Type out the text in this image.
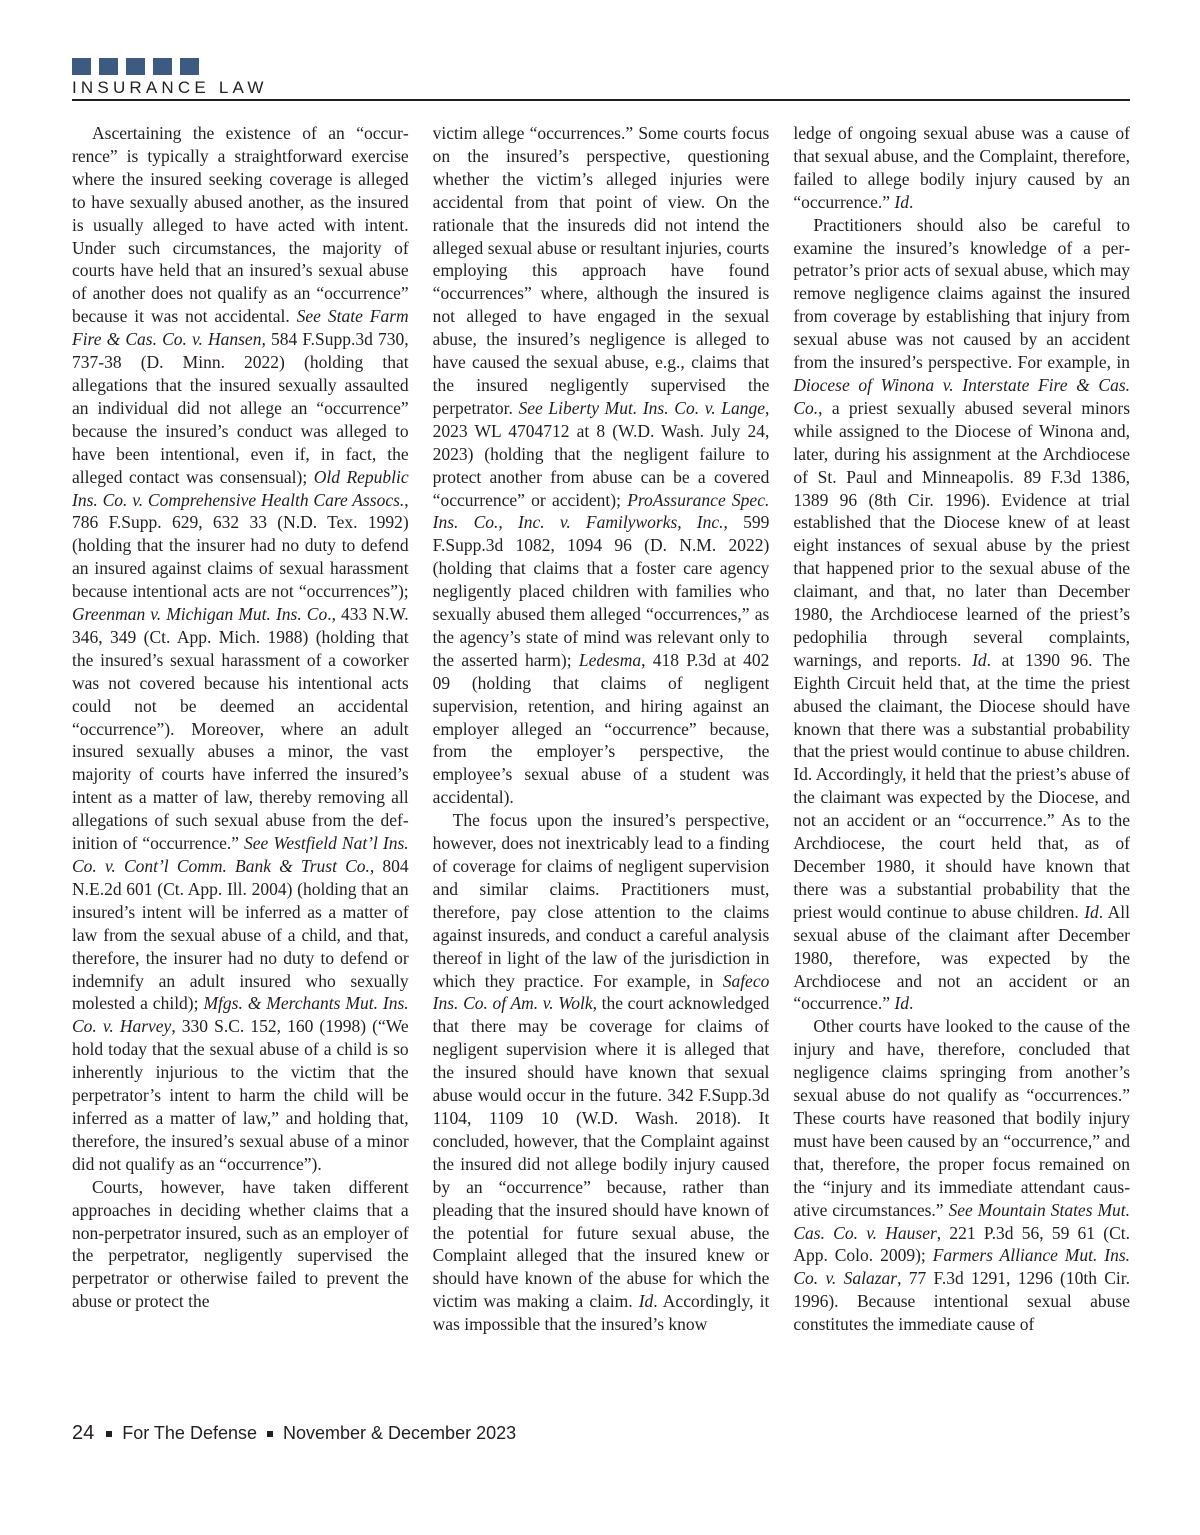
INSURANCE LAW

Ascertaining the existence of an “occurrence” is typically a straightforward exercise where the insured seeking coverage is alleged to have sexually abused another, as the insured is usually alleged to have acted with intent. Under such circumstances, the majority of courts have held that an insured’s sexual abuse of another does not qualify as an “occurrence” because it was not accidental. See State Farm Fire & Cas. Co. v. Hansen, 584 F.Supp.3d 730, 737-38 (D. Minn. 2022) (holding that allegations that the insured sexually assaulted an individual did not allege an “occurrence” because the insured’s conduct was alleged to have been intentional, even if, in fact, the alleged contact was consensual); Old Republic Ins. Co. v. Comprehensive Health Care Assocs., 786 F.Supp. 629, 632 33 (N.D. Tex. 1992) (holding that the insurer had no duty to defend an insured against claims of sexual harassment because intentional acts are not “occurrences”); Greenman v. Michigan Mut. Ins. Co., 433 N.W. 346, 349 (Ct. App. Mich. 1988) (holding that the insured’s sexual harassment of a coworker was not covered because his intentional acts could not be deemed an accidental “occurrence”). Moreover, where an adult insured sexually abuses a minor, the vast majority of courts have inferred the insured’s intent as a matter of law, thereby removing all allegations of such sexual abuse from the definition of “occurrence.” See Westfield Nat’l Ins. Co. v. Cont’l Comm. Bank & Trust Co., 804 N.E.2d 601 (Ct. App. Ill. 2004) (holding that an insured’s intent will be inferred as a matter of law from the sexual abuse of a child, and that, therefore, the insurer had no duty to defend or indemnify an adult insured who sexually molested a child); Mfgs. & Merchants Mut. Ins. Co. v. Harvey, 330 S.C. 152, 160 (1998) (“We hold today that the sexual abuse of a child is so inherently injurious to the victim that the perpetrator’s intent to harm the child will be inferred as a matter of law,” and holding that, therefore, the insured’s sexual abuse of a minor did not qualify as an “occurrence”).

Courts, however, have taken different approaches in deciding whether claims that a non-perpetrator insured, such as an employer of the perpetrator, negligently supervised the perpetrator or otherwise failed to prevent the abuse or protect the

victim allege “occurrences.” Some courts focus on the insured’s perspective, questioning whether the victim’s alleged injuries were accidental from that point of view. On the rationale that the insureds did not intend the alleged sexual abuse or resultant injuries, courts employing this approach have found “occurrences” where, although the insured is not alleged to have engaged in the sexual abuse, the insured’s negligence is alleged to have caused the sexual abuse, e.g., claims that the insured negligently supervised the perpetrator. See Liberty Mut. Ins. Co. v. Lange, 2023 WL 4704712 at 8 (W.D. Wash. July 24, 2023) (holding that the negligent failure to protect another from abuse can be a covered “occurrence” or accident); ProAssurance Spec. Ins. Co., Inc. v. Familyworks, Inc., 599 F.Supp.3d 1082, 1094 96 (D. N.M. 2022) (holding that claims that a foster care agency negligently placed children with families who sexually abused them alleged “occurrences,” as the agency’s state of mind was relevant only to the asserted harm); Ledesma, 418 P.3d at 402 09 (holding that claims of negligent supervision, retention, and hiring against an employer alleged an “occurrence” because, from the employer’s perspective, the employee’s sexual abuse of a student was accidental).

The focus upon the insured’s perspective, however, does not inextricably lead to a finding of coverage for claims of negligent supervision and similar claims. Practitioners must, therefore, pay close attention to the claims against insureds, and conduct a careful analysis thereof in light of the law of the jurisdiction in which they practice. For example, in Safeco Ins. Co. of Am. v. Wolk, the court acknowledged that there may be coverage for claims of negligent supervision where it is alleged that the insured should have known that sexual abuse would occur in the future. 342 F.Supp.3d 1104, 1109 10 (W.D. Wash. 2018). It concluded, however, that the Complaint against the insured did not allege bodily injury caused by an “occurrence” because, rather than pleading that the insured should have known of the potential for future sexual abuse, the Complaint alleged that the insured knew or should have known of the abuse for which the victim was making a claim. Id. Accordingly, it was impossible that the insured’s know

ledge of ongoing sexual abuse was a cause of that sexual abuse, and the Complaint, therefore, failed to allege bodily injury caused by an “occurrence.” Id.

Practitioners should also be careful to examine the insured’s knowledge of a perpetrator’s prior acts of sexual abuse, which may remove negligence claims against the insured from coverage by establishing that injury from sexual abuse was not caused by an accident from the insured’s perspective. For example, in Diocese of Winona v. Interstate Fire & Cas. Co., a priest sexually abused several minors while assigned to the Diocese of Winona and, later, during his assignment at the Archdiocese of St. Paul and Minneapolis. 89 F.3d 1386, 1389 96 (8th Cir. 1996). Evidence at trial established that the Diocese knew of at least eight instances of sexual abuse by the priest that happened prior to the sexual abuse of the claimant, and that, no later than December 1980, the Archdiocese learned of the priest’s pedophilia through several complaints, warnings, and reports. Id. at 1390 96. The Eighth Circuit held that, at the time the priest abused the claimant, the Diocese should have known that there was a substantial probability that the priest would continue to abuse children. Id. Accordingly, it held that the priest’s abuse of the claimant was expected by the Diocese, and not an accident or an “occurrence.” As to the Archdiocese, the court held that, as of December 1980, it should have known that there was a substantial probability that the priest would continue to abuse children. Id. All sexual abuse of the claimant after December 1980, therefore, was expected by the Archdiocese and not an accident or an “occurrence.” Id.

Other courts have looked to the cause of the injury and have, therefore, concluded that negligence claims springing from another’s sexual abuse do not qualify as “occurrences.” These courts have reasoned that bodily injury must have been caused by an “occurrence,” and that, therefore, the proper focus remained on the “injury and its immediate attendant causative circumstances.” See Mountain States Mut. Cas. Co. v. Hauser, 221 P.3d 56, 59 61 (Ct. App. Colo. 2009); Farmers Alliance Mut. Ins. Co. v. Salazar, 77 F.3d 1291, 1296 (10th Cir. 1996). Because intentional sexual abuse constitutes the immediate cause of

24 For The Defense November & December 2023
